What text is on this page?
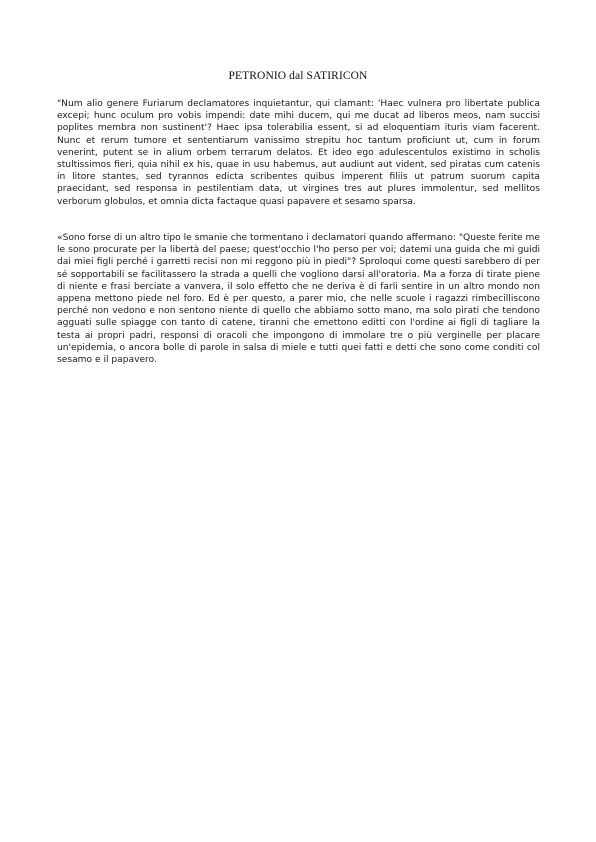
PETRONIO dal SATIRICON

"Num alio genere Furiarum declamatores inquietantur, qui clamant: 'Haec vulnera pro libertate publica excepi; hunc oculum pro vobis impendi: date mihi ducem, qui me ducat ad liberos meos, nam succisi poplites membra non sustinent'? Haec ipsa tolerabilia essent, si ad eloquentiam ituris viam facerent. Nunc et rerum tumore et sententiarum vanissimo strepitu hoc tantum proficiunt ut, cum in forum venerint, putent se in alium orbem terrarum delatos. Et ideo ego adulescentulos existimo in scholis stultissimos fieri, quia nihil ex his, quae in usu habemus, aut audiunt aut vident, sed piratas cum catenis in litore stantes, sed tyrannos edicta scribentes quibus imperent filiis ut patrum suorum capita praecidant, sed responsa in pestilentiam data, ut virgines tres aut plures immolentur, sed mellitos verborum globulos, et omnia dicta factaque quasi papavere et sesamo sparsa.

«Sono forse di un altro tipo le smanie che tormentano i declamatori quando affermano: "Queste ferite me le sono procurate per la libertà del paese; quest'occhio l'ho perso per voi; datemi una guida che mi guidi dai miei figli perché i garretti recisi non mi reggono più in piedi"? Sproloqui come questi sarebbero di per sé sopportabili se facilitassero la strada a quelli che vogliono darsi all'oratoria. Ma a forza di tirate piene di niente e frasi berciate a vanvera, il solo effetto che ne deriva è di farli sentire in un altro mondo non appena mettono piede nel foro. Ed è per questo, a parer mio, che nelle scuole i ragazzi rimbecilliscono perché non vedono e non sentono niente di quello che abbiamo sotto mano, ma solo pirati che tendono agguati sulle spiagge con tanto di catene, tiranni che emettono editti con l'ordine ai figli di tagliare la testa ai propri padri, responsi di oracoli che impongono di immolare tre o più verginelle per placare un'epidemia, o ancora bolle di parole in salsa di miele e tutti quei fatti e detti che sono come conditi col sesamo e il papavero.
